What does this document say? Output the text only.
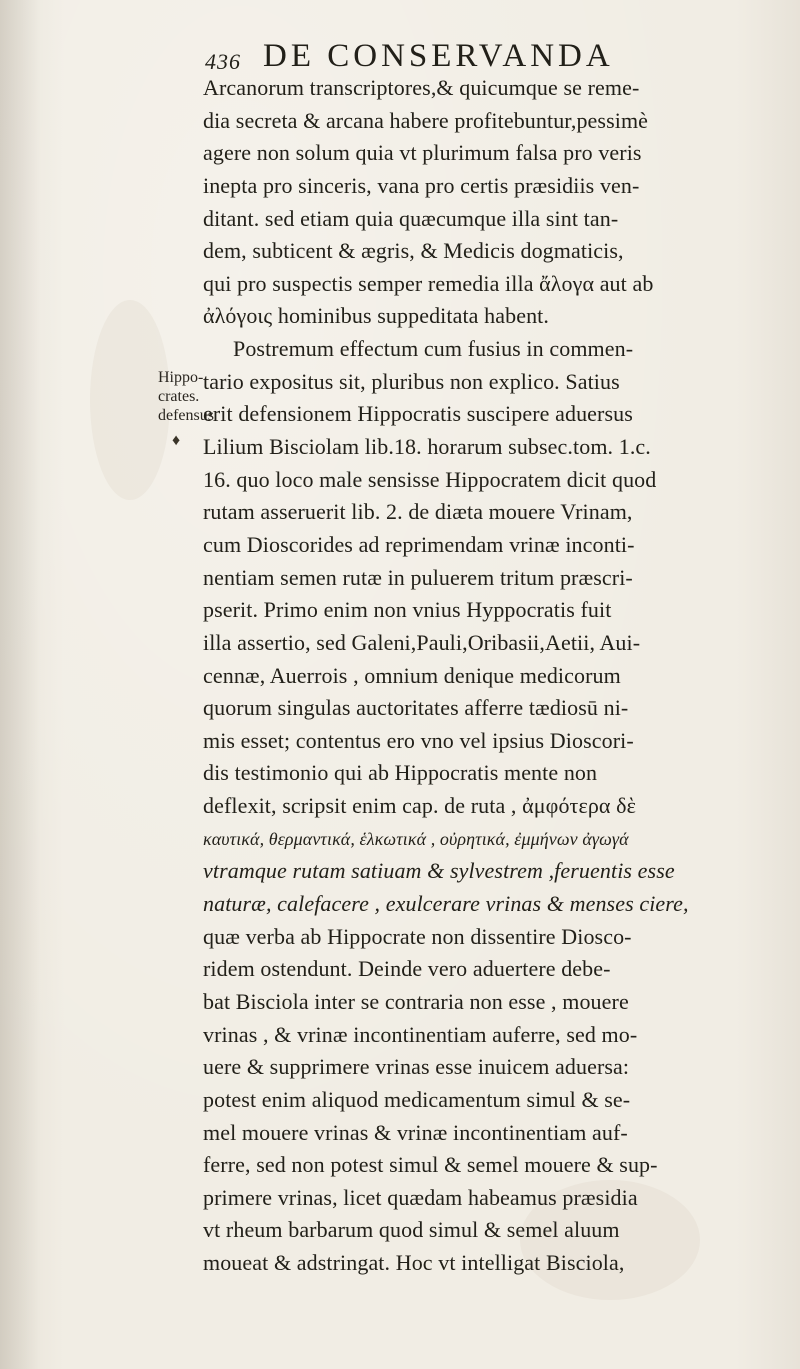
436 DE CONSERVANDA
Hippo-
crates.
defensus
♦
Arcanorum transcriptores,& quicumque se reme-
dia secreta & arcana habere profitebuntur,pessimè
agere non solum quia vt plurimum falsa pro veris
inepta pro sinceris, vana pro certis præsidiis ven-
ditant. sed etiam quia quæcumque illa sint tan-
dem, subticent & ægris, & Medicis dogmaticis,
qui pro suspectis semper remedia illa ἄλογα aut ab
ἀλόγοις hominibus suppeditata habent.
Postremum effectum cum fusius in commen-
tario expositus sit, pluribus non explico. Satius
erit defensionem Hippocratis suscipere aduersus
Lilium Bisciolam lib.18. horarum subsec.tom. 1.c.
16. quo loco male sensisse Hippocratem dicit quod
rutam asseruerit lib. 2. de diæta mouere Vrinam,
cum Dioscorides ad reprimendam vrinæ inconti-
nentiam semen rutæ in puluerem tritum præscri-
pserit. Primo enim non vnius Hyppocratis fuit
illa assertio, sed Galeni,Pauli,Oribasii,Aetii, Aui-
cennæ, Auerrois , omnium denique medicorum
quorum singulas auctoritates afferre tædiosū ni-
mis esset; contentus ero vno vel ipsius Dioscori-
dis testimonio qui ab Hippocratis mente non
deflexit, scripsit enim cap. de ruta , ἀμφότερα δὲ
καυτικά, θερμαντικά, ἑλκωτικά , οὐρητικά, ἐμμήνων ἀγωγά
vtramque rutam satiuam & sylvestrem ,feruentis esse
naturæ, calefacere , exulcerare vrinas & menses ciere,
quæ verba ab Hippocrate non dissentire Diosco-
ridem ostendunt. Deinde vero aduertere debe-
bat Bisciola inter se contraria non esse , mouere
vrinas , & vrinæ incontinentiam auferre, sed mo-
uere & supprimere vrinas esse inuicem aduersa:
potest enim aliquod medicamentum simul & se-
mel mouere vrinas & vrinæ incontinentiam auf-
ferre, sed non potest simul & semel mouere & sup-
primere vrinas, licet quædam habeamus præsidia
vt rheum barbarum quod simul & semel aluum
moueat & adstringat. Hoc vt intelligat Bisciola,
